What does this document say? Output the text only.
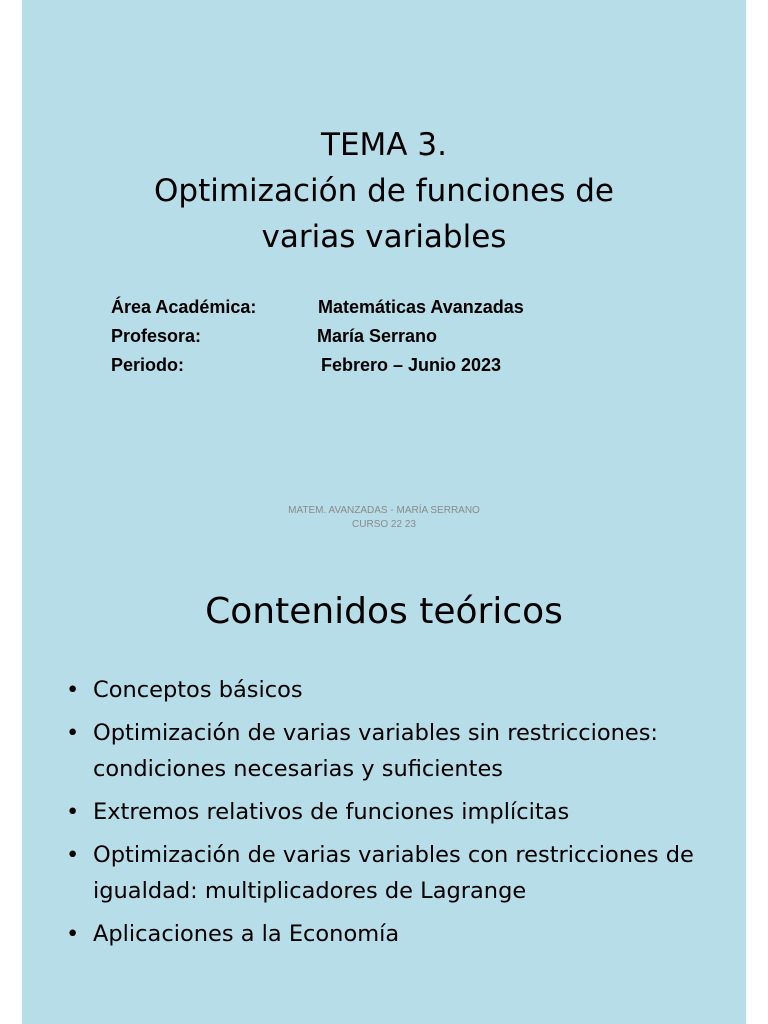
TEMA 3.
Optimización de funciones de
varias variables
Área Académica:	Matemáticas Avanzadas
Profesora:	María Serrano
Periodo:	Febrero – Junio 2023
MATEM. AVANZADAS - MARÍA SERRANO
CURSO 22 23
Contenidos teóricos
• Conceptos básicos
• Optimización de varias variables sin restricciones: condiciones necesarias y suficientes
• Extremos relativos de funciones implícitas
• Optimización de varias variables con restricciones de igualdad: multiplicadores de Lagrange
• Aplicaciones a la Economía
